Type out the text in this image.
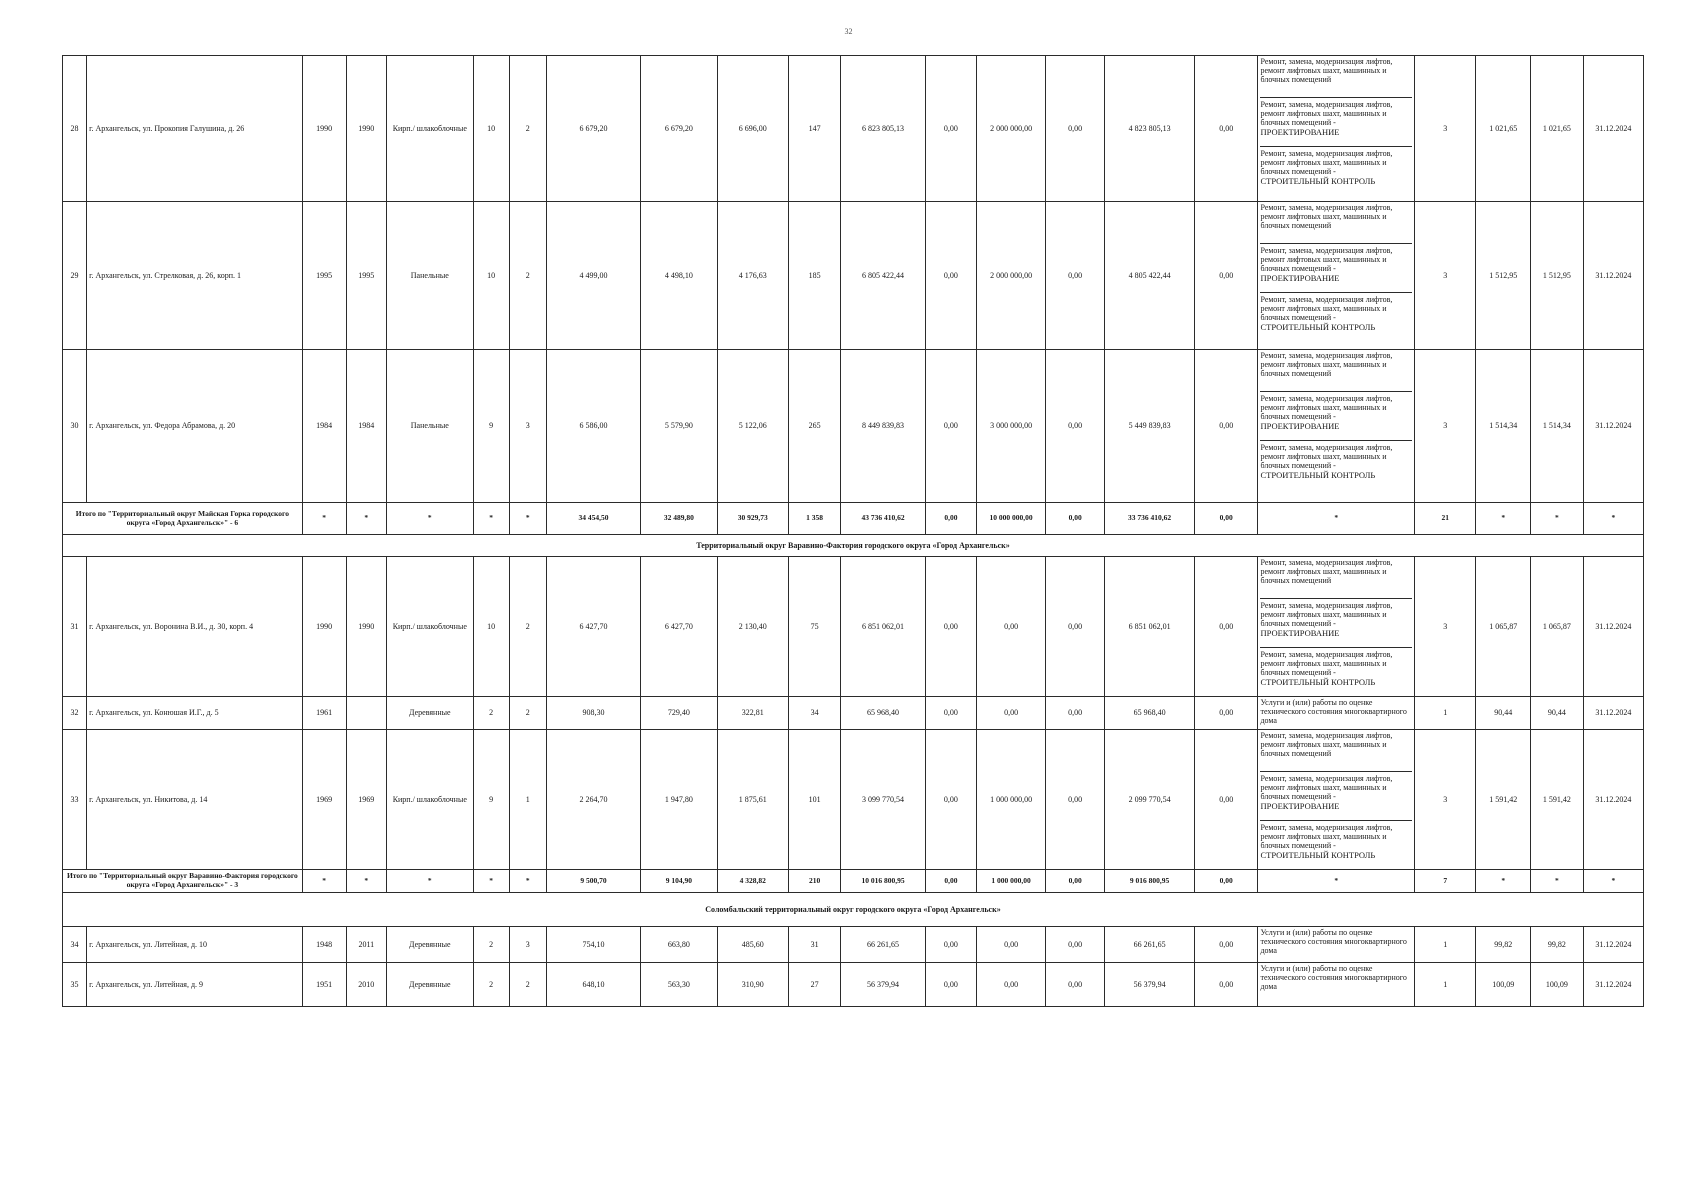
32
28	г. Архангельск, ул. Прокопия Галушина, д. 26	1990	1990	Кирп./ шлакоблочные	10	2	6 679,20	6 679,20	6 696,00	147	6 823 805,13	0,00	2 000 000,00	0,00	4 823 805,13	0,00	Ремонт, замена, модернизация лифтов, ремонт лифтовых шахт, машинных и блочных помещений
Ремонт, замена, модернизация лифтов, ремонт лифтовых шахт, машинных и блочных помещений -
ПРОЕКТИРОВАНИЕ
Ремонт, замена, модернизация лифтов, ремонт лифтовых шахт, машинных и блочных помещений -
СТРОИТЕЛЬНЫЙ КОНТРОЛЬ	3	1 021,65	1 021,65	31.12.2024
29	г. Архангельск, ул. Стрелковая, д. 26, корп. 1	1995	1995	Панельные	10	2	4 499,00	4 498,10	4 176,63	185	6 805 422,44	0,00	2 000 000,00	0,00	4 805 422,44	0,00	Ремонт, замена, модернизация лифтов, ремонт лифтовых шахт, машинных и блочных помещений
Ремонт, замена, модернизация лифтов, ремонт лифтовых шахт, машинных и блочных помещений -
ПРОЕКТИРОВАНИЕ
Ремонт, замена, модернизация лифтов, ремонт лифтовых шахт, машинных и блочных помещений -
СТРОИТЕЛЬНЫЙ КОНТРОЛЬ	3	1 512,95	1 512,95	31.12.2024
30	г. Архангельск, ул. Федора Абрамова, д. 20	1984	1984	Панельные	9	3	6 586,00	5 579,90	5 122,06	265	8 449 839,83	0,00	3 000 000,00	0,00	5 449 839,83	0,00	Ремонт, замена, модернизация лифтов, ремонт лифтовых шахт, машинных и блочных помещений
Ремонт, замена, модернизация лифтов, ремонт лифтовых шахт, машинных и блочных помещений -
ПРОЕКТИРОВАНИЕ
Ремонт, замена, модернизация лифтов, ремонт лифтовых шахт, машинных и блочных помещений -
СТРОИТЕЛЬНЫЙ КОНТРОЛЬ	3	1 514,34	1 514,34	31.12.2024
Итого по "Территориальный округ Майская Горка городского округа «Город Архангельск»" - 6		*	*	*	*	*	34 454,50	32 489,80	30 929,73	1 358	43 736 410,62	0,00	10 000 000,00	0,00	33 736 410,62	0,00	*	21	*	*	*
Территориальный округ Варавино-Фактория городского округа «Город Архангельск»																					
31	г. Архангельск, ул. Воронина В.И., д. 30, корп. 4	1990	1990	Кирп./ шлакоблочные	10	2	6 427,70	6 427,70	2 130,40	75	6 851 062,01	0,00	0,00	0,00	6 851 062,01	0,00	Ремонт, замена, модернизация лифтов, ремонт лифтовых шахт, машинных и блочных помещений
Ремонт, замена, модернизация лифтов, ремонт лифтовых шахт, машинных и блочных помещений -
ПРОЕКТИРОВАНИЕ
Ремонт, замена, модернизация лифтов, ремонт лифтовых шахт, машинных и блочных помещений -
СТРОИТЕЛЬНЫЙ КОНТРОЛЬ	3	1 065,87	1 065,87	31.12.2024
32	г. Архангельск, ул. Конюшая И.Г., д. 5	1961		Деревянные	2	2	908,30	729,40	322,81	34	65 968,40	0,00	0,00	0,00	65 968,40	0,00	Услуги и (или) работы по оценке технического состояния многоквартирного дома	1	90,44	90,44	31.12.2024
33	г. Архангельск, ул. Никитова, д. 14	1969	1969	Кирп./ шлакоблочные	9	1	2 264,70	1 947,80	1 875,61	101	3 099 770,54	0,00	1 000 000,00	0,00	2 099 770,54	0,00	Ремонт, замена, модернизация лифтов, ремонт лифтовых шахт, машинных и блочных помещений
Ремонт, замена, модернизация лифтов, ремонт лифтовых шахт, машинных и блочных помещений -
ПРОЕКТИРОВАНИЕ
Ремонт, замена, модернизация лифтов, ремонт лифтовых шахт, машинных и блочных помещений -
СТРОИТЕЛЬНЫЙ КОНТРОЛЬ	3	1 591,42	1 591,42	31.12.2024
Итого по "Территориальный округ Варавино-Фактория городского округа «Город Архангельск»" - 3		*	*	*	*	*	9 500,70	9 104,90	4 328,82	210	10 016 800,95	0,00	1 000 000,00	0,00	9 016 800,95	0,00	*	7	*	*	*
Соломбальский территориальный округ городского округа «Город Архангельск»																					
34	г. Архангельск, ул. Литейная, д. 10	1948	2011	Деревянные	2	3	754,10	663,80	485,60	31	66 261,65	0,00	0,00	0,00	66 261,65	0,00	Услуги и (или) работы по оценке технического состояния многоквартирного дома	1	99,82	99,82	31.12.2024
35	г. Архангельск, ул. Литейная, д. 9	1951	2010	Деревянные	2	2	648,10	563,30	310,90	27	56 379,94	0,00	0,00	0,00	56 379,94	0,00	Услуги и (или) работы по оценке технического состояния многоквартирного дома	1	100,09	100,09	31.12.2024
